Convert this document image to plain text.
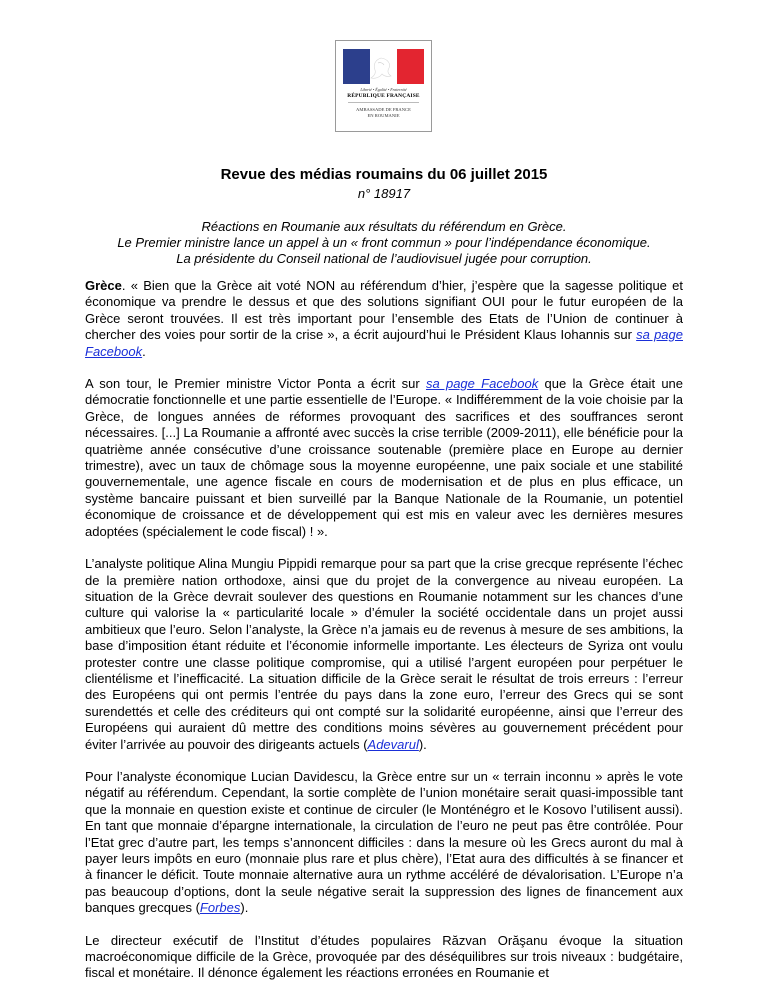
Liberté • Égalité • Fraternité
RÉPUBLIQUE FRANÇAISE
AMBASSADE DE FRANCE
EN ROUMANIE
Revue des médias roumains du 06 juillet 2015
n° 18917
Réactions en Roumanie aux résultats du référendum en Grèce.
Le Premier ministre lance un appel à un « front commun » pour l’indépendance économique.
La présidente du Conseil national de l’audiovisuel jugée pour corruption.

Grèce. « Bien que la Grèce ait voté NON au référendum d’hier, j’espère que la sagesse politique et économique va prendre le dessus et que des solutions signifiant OUI pour le futur européen de la Grèce seront trouvées. Il est très important pour l’ensemble des Etats de l’Union de continuer à chercher des voies pour sortir de la crise », a écrit aujourd’hui le Président Klaus Iohannis sur sa page Facebook.

A son tour, le Premier ministre Victor Ponta a écrit sur sa page Facebook que la Grèce était une démocratie fonctionnelle et une partie essentielle de l’Europe. « Indifféremment de la voie choisie par la Grèce, de longues années de réformes provoquant des sacrifices et des souffrances seront nécessaires. [...] La Roumanie a affronté avec succès la crise terrible (2009-2011), elle bénéficie pour la quatrième année consécutive d’une croissance soutenable (première place en Europe au dernier trimestre), avec un taux de chômage sous la moyenne européenne, une paix sociale et une stabilité gouvernementale, une agence fiscale en cours de modernisation et de plus en plus efficace, un système bancaire puissant et bien surveillé par la Banque Nationale de la Roumanie, un potentiel économique de croissance et de développement qui est mis en valeur avec les dernières mesures adoptées (spécialement le code fiscal) ! ».

L’analyste politique Alina Mungiu Pippidi remarque pour sa part que la crise grecque représente l’échec de la première nation orthodoxe, ainsi que du projet de la convergence au niveau européen. La situation de la Grèce devrait soulever des questions en Roumanie notamment sur les chances d’une culture qui valorise la « particularité locale » d’émuler la société occidentale dans un projet aussi ambitieux que l’euro. Selon l’analyste, la Grèce n’a jamais eu de revenus à mesure de ses ambitions, la base d’imposition étant réduite et l’économie informelle importante. Les électeurs de Syriza ont voulu protester contre une classe politique compromise, qui a utilisé l’argent européen pour perpétuer le clientélisme et l’inefficacité. La situation difficile de la Grèce serait le résultat de trois erreurs : l’erreur des Européens qui ont permis l’entrée du pays dans la zone euro, l’erreur des Grecs qui se sont surendettés et celle des créditeurs qui ont compté sur la solidarité européenne, ainsi que l’erreur des Européens qui auraient dû mettre des conditions moins sévères au gouvernement précédent pour éviter l’arrivée au pouvoir des dirigeants actuels (Adevarul).

Pour l’analyste économique Lucian Davidescu, la Grèce entre sur un « terrain inconnu » après le vote négatif au référendum. Cependant, la sortie complète de l’union monétaire serait quasi-impossible tant que la monnaie en question existe et continue de circuler (le Monténégro et le Kosovo l’utilisent aussi). En tant que monnaie d’épargne internationale, la circulation de l’euro ne peut pas être contrôlée. Pour l’Etat grec d’autre part, les temps s’annoncent difficiles : dans la mesure où les Grecs auront du mal à payer leurs impôts en euro (monnaie plus rare et plus chère), l’Etat aura des difficultés à se financer et à financer le déficit. Toute monnaie alternative aura un rythme accéléré de dévalorisation. L’Europe n’a pas beaucoup d’options, dont la seule négative serait la suppression des lignes de financement aux banques grecques (Forbes).

Le directeur exécutif de l’Institut d’études populaires Răzvan Orăşanu évoque la situation macroéconomique difficile de la Grèce, provoquée par des déséquilibres sur trois niveaux : budgétaire, fiscal et monétaire. Il dénonce également les réactions erronées en Roumanie et
